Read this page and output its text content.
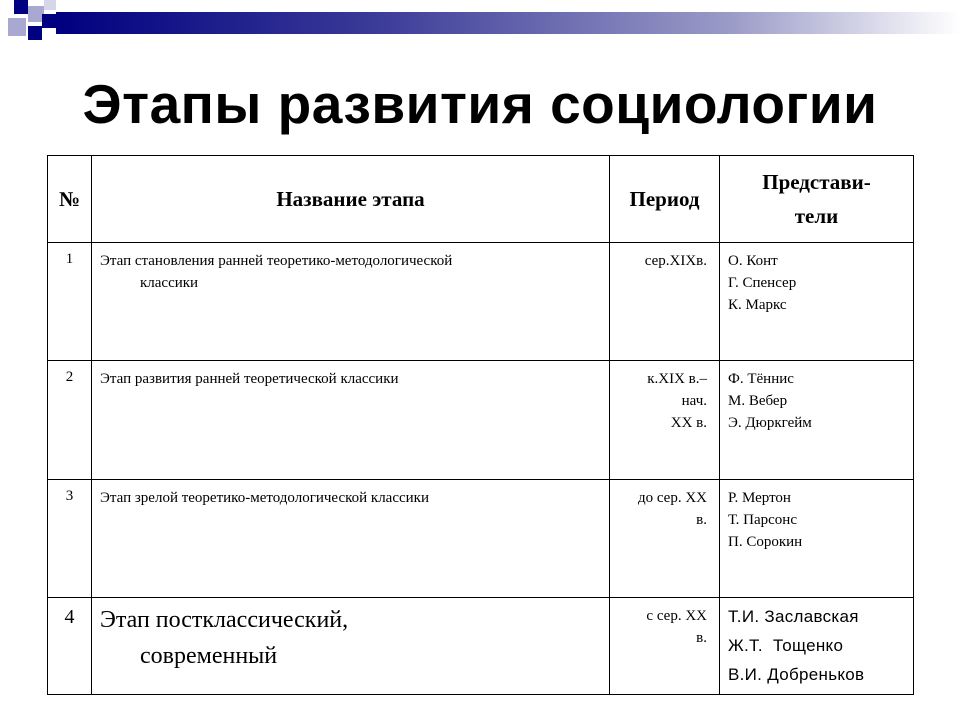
Этапы развития социологии
№	Название этапа	Период	Представи-
тели

1	Этап становления ранней теоретико-методологической
классики	сер.XIXв.	О. Конт
Г. Спенсер
К. Маркс

2	Этап развития ранней теоретической классики	к.XIX в.–
нач.
XX в.	Ф. Тённис
М. Вебер
Э. Дюркгейм

3	Этап зрелой теоретико-методологической классики	до сер. XX
в.	Р. Мертон
Т. Парсонс
П. Сорокин

4	Этап постклассический,
современный	с сер. XX
в.	Т.И. Заславская
Ж.Т.  Тощенко
В.И. Добреньков
